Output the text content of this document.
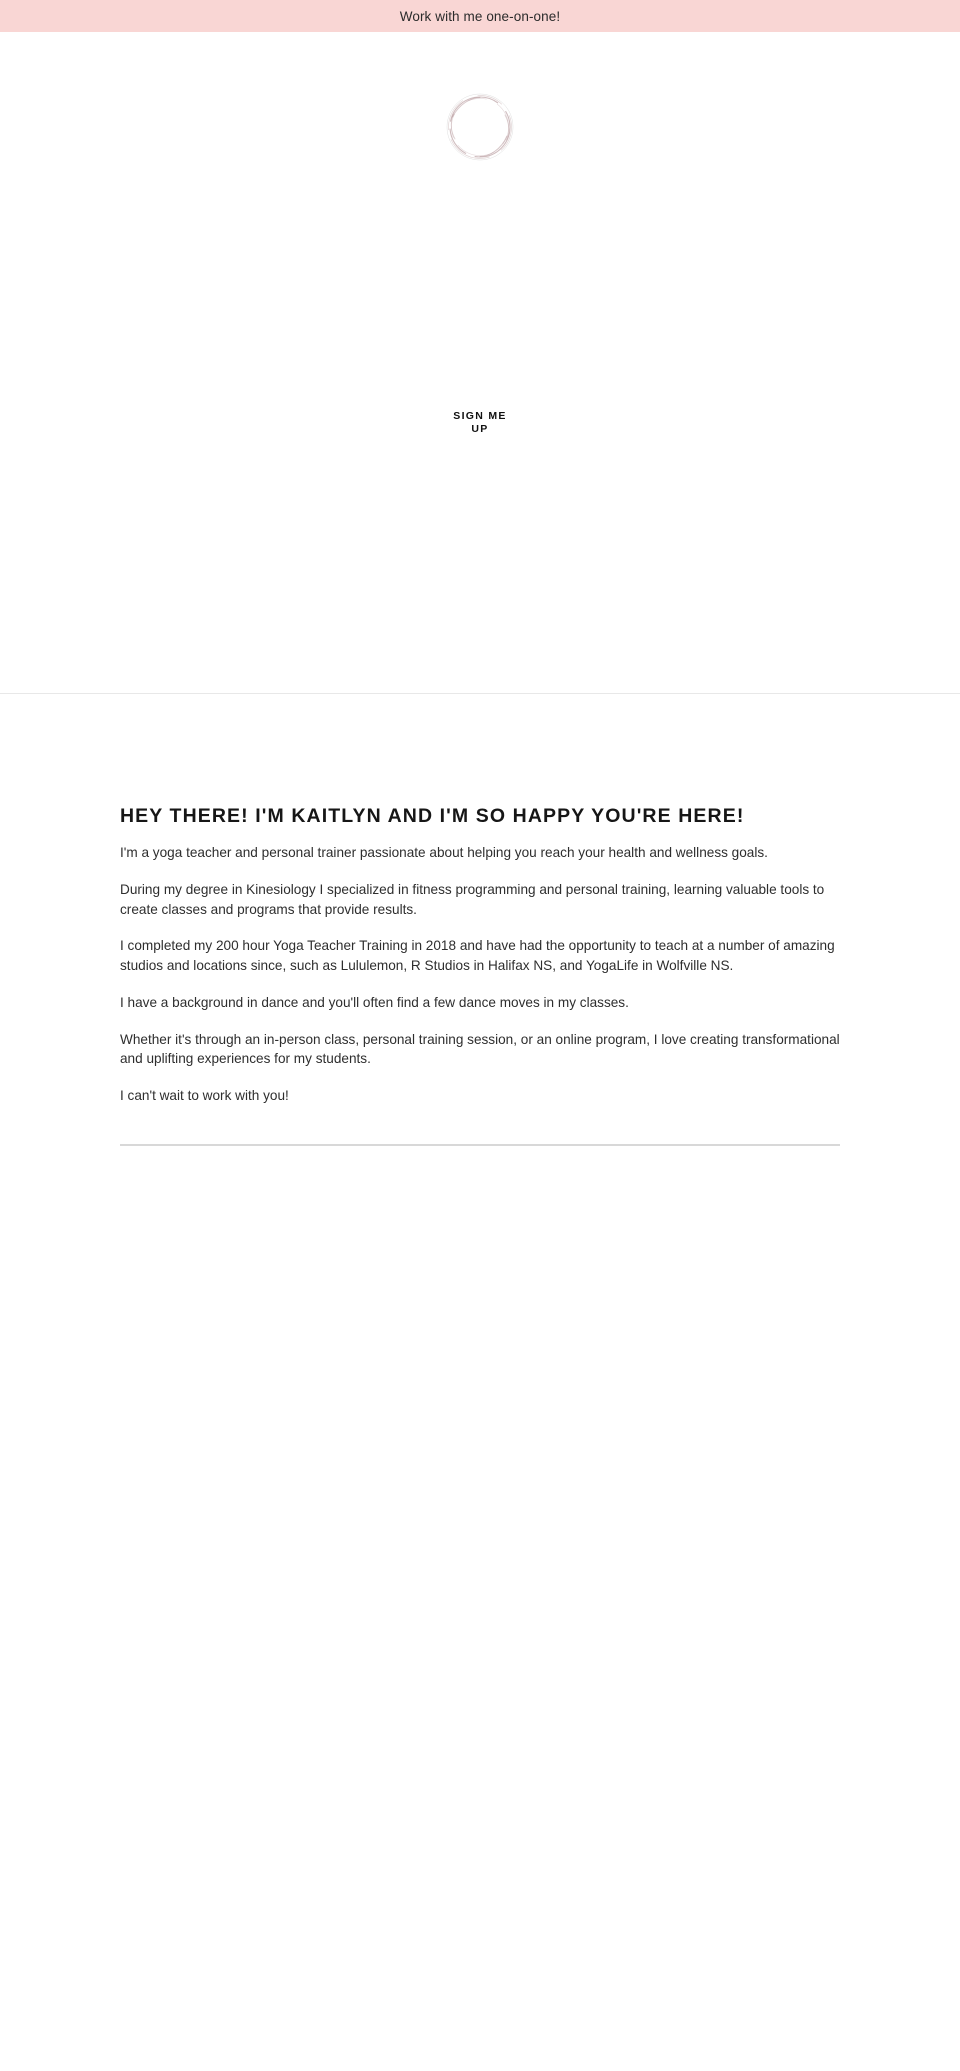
Work with me one-on-one!
SIGN ME UP
HEY THERE! I'M KAITLYN AND I'M SO HAPPY YOU'RE HERE!

I'm a yoga teacher and personal trainer passionate about helping you reach your health and wellness goals.

During my degree in Kinesiology I specialized in fitness programming and personal training, learning valuable tools to create classes and programs that provide results.

I completed my 200 hour Yoga Teacher Training in 2018 and have had the opportunity to teach at a number of amazing studios and locations since, such as Lululemon, R Studios in Halifax NS, and YogaLife in Wolfville NS.

I have a background in dance and you'll often find a few dance moves in my classes.

Whether it's through an in-person class, personal training session, or an online program, I love creating transformational and uplifting experiences for my students.

I can't wait to work with you!
